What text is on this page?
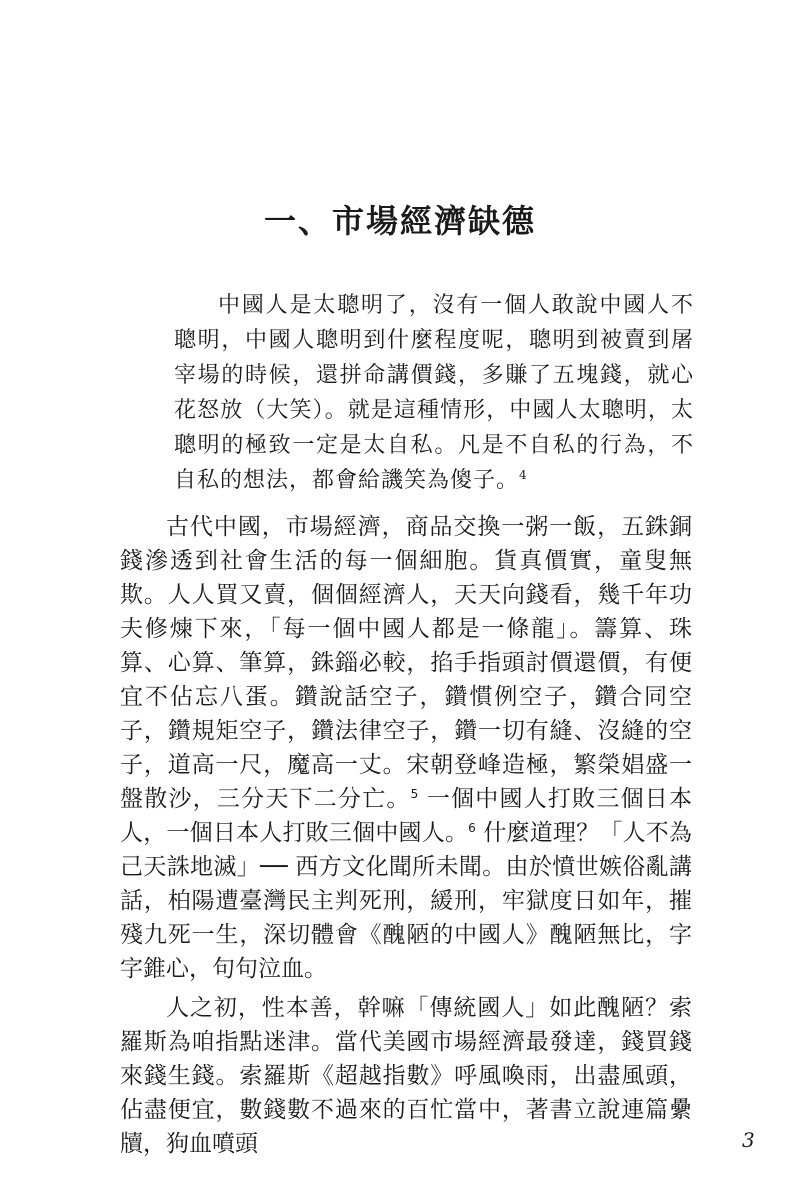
一、市場經濟缺德

中國人是太聰明了，沒有一個人敢說中國人不聰明，中國人聰明到什麼程度呢，聰明到被賣到屠宰場的時候，還拼命講價錢，多賺了五塊錢，就心花怒放（大笑）。就是這種情形，中國人太聰明，太聰明的極致一定是太自私。凡是不自私的行為，不自私的想法，都會給譏笑為傻子。$^4$

古代中國，市場經濟，商品交換一粥一飯，五銖銅錢滲透到社會生活的每一個細胞。貨真價實，童叟無欺。人人買又賣，個個經濟人，天天向錢看，幾千年功夫修煉下來，「每一個中國人都是一條龍」。籌算、珠算、心算、筆算，銖錙必較，掐手指頭討價還價，有便宜不佔忘八蛋。鑽說話空子，鑽慣例空子，鑽合同空子，鑽規矩空子，鑽法律空子，鑽一切有縫、沒縫的空子，道高一尺，魔高一丈。宋朝登峰造極，繁榮娼盛一盤散沙，三分天下二分亡。$^5$ 一個中國人打敗三個日本人，一個日本人打敗三個中國人。$^6$ 什麼道理？「人不為己天誅地滅」── 西方文化聞所未聞。由於憤世嫉俗亂講話，柏陽遭臺灣民主判死刑，緩刑，牢獄度日如年，摧殘九死一生，深切體會《醜陋的中國人》醜陋無比，字字錐心，句句泣血。

人之初，性本善，幹嘛「傳統國人」如此醜陋？索羅斯為咱指點迷津。當代美國市場經濟最發達，錢買錢來錢生錢。索羅斯《超越指數》呼風喚雨，出盡風頭，佔盡便宜，數錢數不過來的百忙當中，著書立說連篇纍牘，狗血噴頭	3
